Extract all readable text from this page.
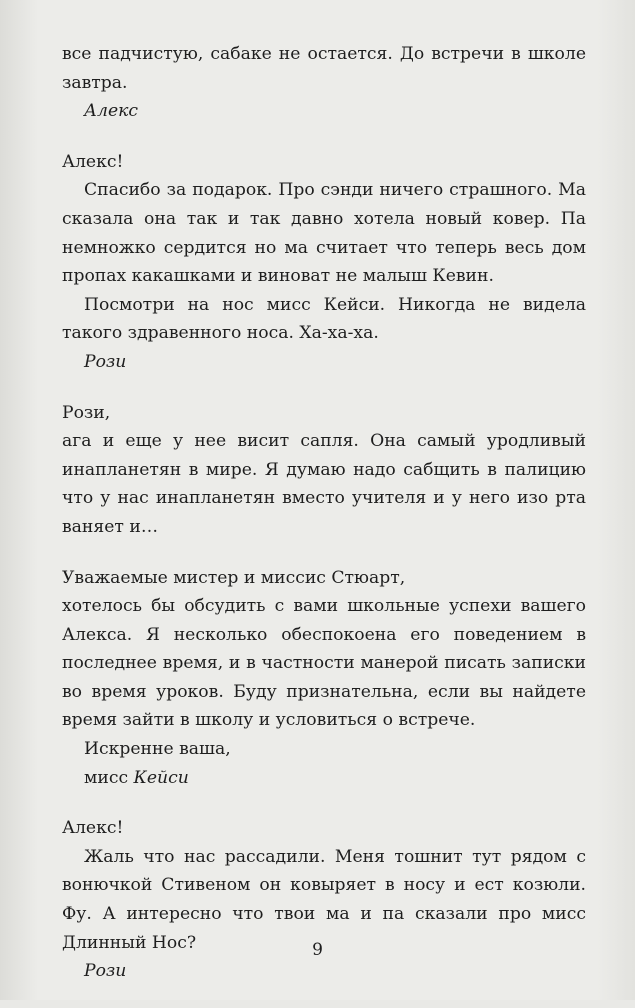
все падчистую, сабаке не остается. До встречи в школе завтра.
Алекс
Алекс!
Спасибо за подарок. Про сэнди ничего страшного. Ма сказала она так и так давно хотела новый ковер. Па немножко сердится но ма считает что теперь весь дом пропах какашками и виноват не малыш Кевин.
Посмотри на нос мисс Кейси. Никогда не видела такого здравенного носа. Ха-ха-ха.
Рози
Рози,
ага и еще у нее висит сапля. Она самый уродливый инапланетян в мире. Я думаю надо сабщить в палицию что у нас инапланетян вместо учителя и у него изо рта ваняет и…
Уважаемые мистер и миссис Стюарт,
хотелось бы обсудить с вами школьные успехи вашего Алекса. Я несколько обеспокоена его поведением в последнее время, и в частности манерой писать записки во время уроков. Буду признательна, если вы найдете время зайти в школу и условиться о встрече.
Искренне ваша,
мисс Кейси
Алекс!
Жаль что нас рассадили. Меня тошнит тут рядом с вонючкой Стивеном он ковыряет в носу и ест козюли. Фу. А интересно что твои ма и па сказали про мисс Длинный Нос?
Рози
9
